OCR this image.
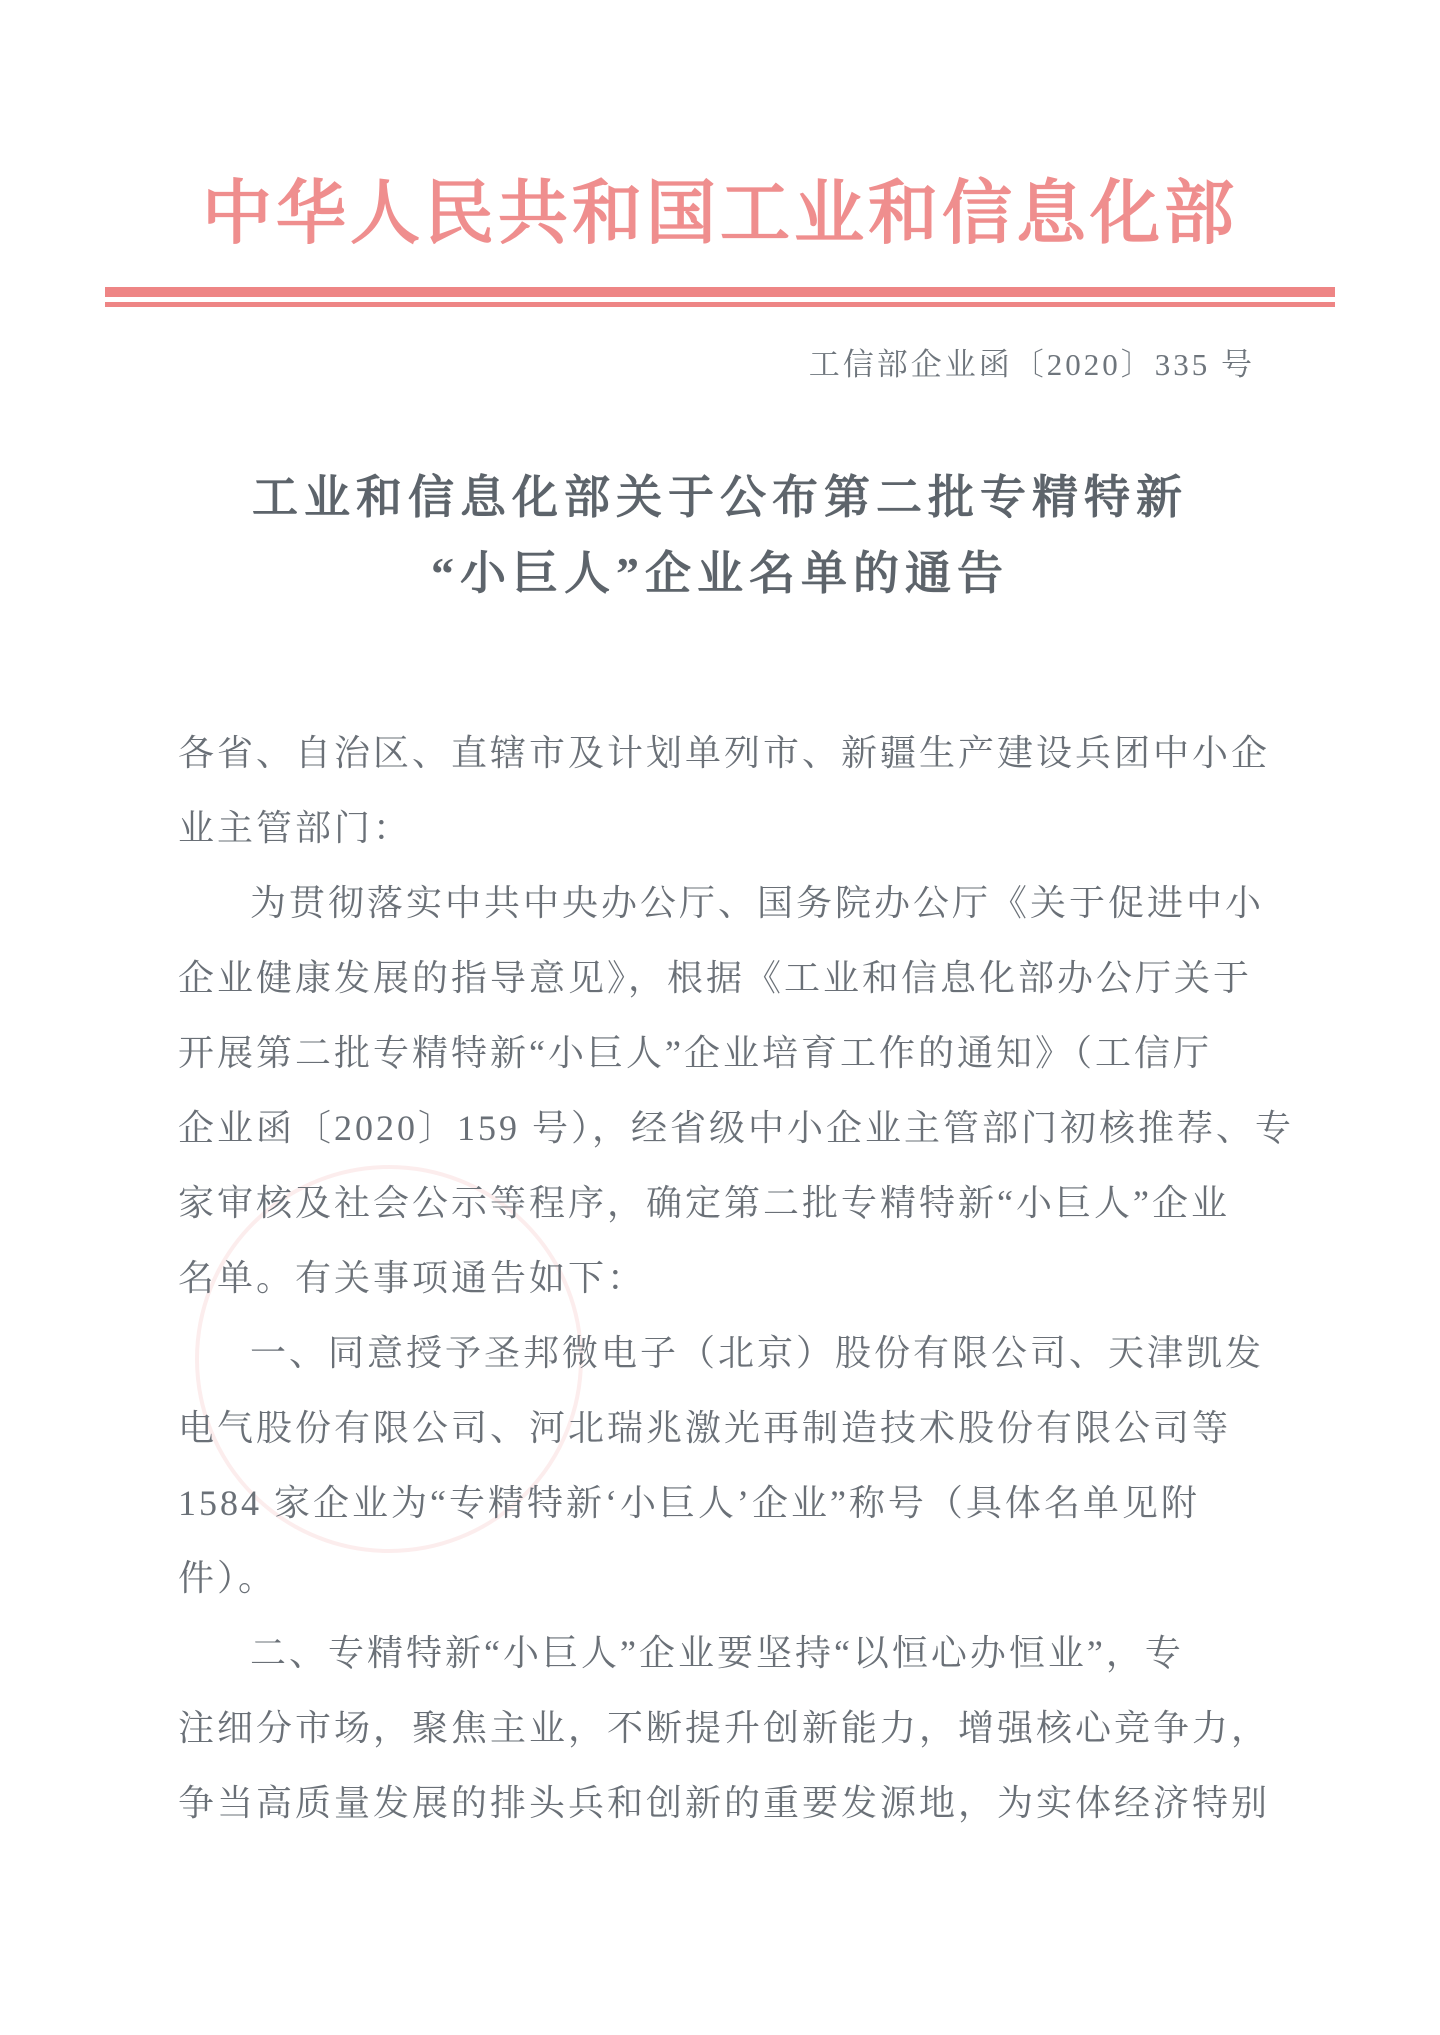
中华人民共和国工业和信息化部
工信部企业函〔2020〕335 号
工业和信息化部关于公布第二批专精特新
“小巨人”企业名单的通告
各省、自治区、直辖市及计划单列市、新疆生产建设兵团中小企
业主管部门：
为贯彻落实中共中央办公厅、国务院办公厅《关于促进中小
企业健康发展的指导意见》，根据《工业和信息化部办公厅关于
开展第二批专精特新“小巨人”企业培育工作的通知》（工信厅
企业函〔2020〕159 号），经省级中小企业主管部门初核推荐、专
家审核及社会公示等程序，确定第二批专精特新“小巨人”企业
名单。有关事项通告如下：
一、同意授予圣邦微电子（北京）股份有限公司、天津凯发
电气股份有限公司、河北瑞兆激光再制造技术股份有限公司等
1584 家企业为“专精特新‘小巨人’企业”称号（具体名单见附
件）。
二、专精特新“小巨人”企业要坚持“以恒心办恒业”，专
注细分市场，聚焦主业，不断提升创新能力，增强核心竞争力，
争当高质量发展的排头兵和创新的重要发源地，为实体经济特别
